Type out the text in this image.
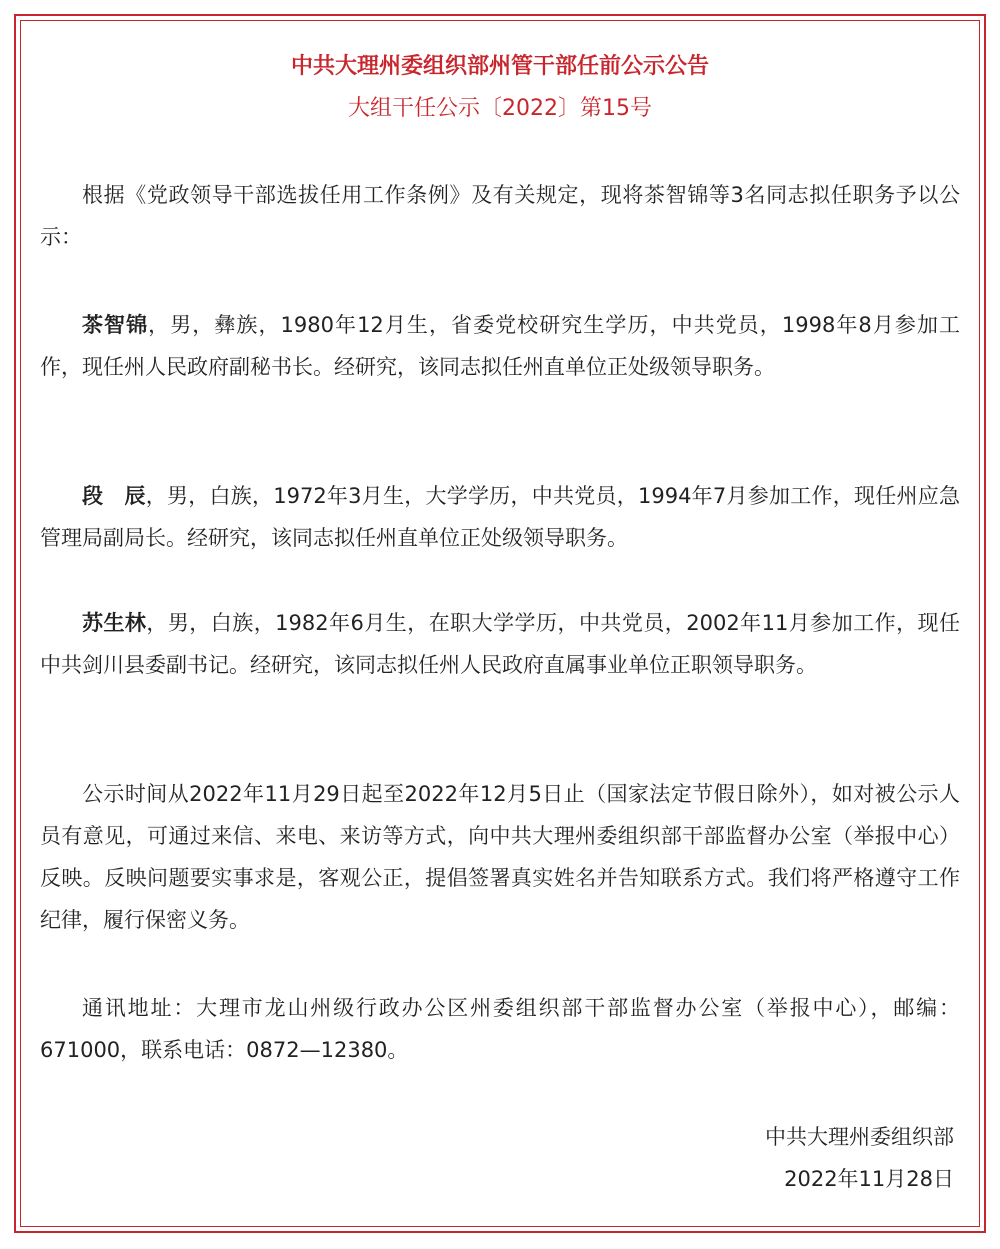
中共大理州委组织部州管干部任前公示公告
大组干任公示〔2022〕第15号

根据《党政领导干部选拔任用工作条例》及有关规定，现将茶智锦等3名同志拟任职务予以公示：

茶智锦，男，彝族，1980年12月生，省委党校研究生学历，中共党员，1998年8月参加工作，现任州人民政府副秘书长。经研究，该同志拟任州直单位正处级领导职务。

段　辰，男，白族，1972年3月生，大学学历，中共党员，1994年7月参加工作，现任州应急管理局副局长。经研究，该同志拟任州直单位正处级领导职务。

苏生林，男，白族，1982年6月生，在职大学学历，中共党员，2002年11月参加工作，现任中共剑川县委副书记。经研究，该同志拟任州人民政府直属事业单位正职领导职务。

公示时间从2022年11月29日起至2022年12月5日止（国家法定节假日除外），如对被公示人员有意见，可通过来信、来电、来访等方式，向中共大理州委组织部干部监督办公室（举报中心）反映。反映问题要实事求是，客观公正，提倡签署真实姓名并告知联系方式。我们将严格遵守工作纪律，履行保密义务。

通讯地址：大理市龙山州级行政办公区州委组织部干部监督办公室（举报中心），邮编：671000，联系电话：0872—12380。

中共大理州委组织部
2022年11月28日
